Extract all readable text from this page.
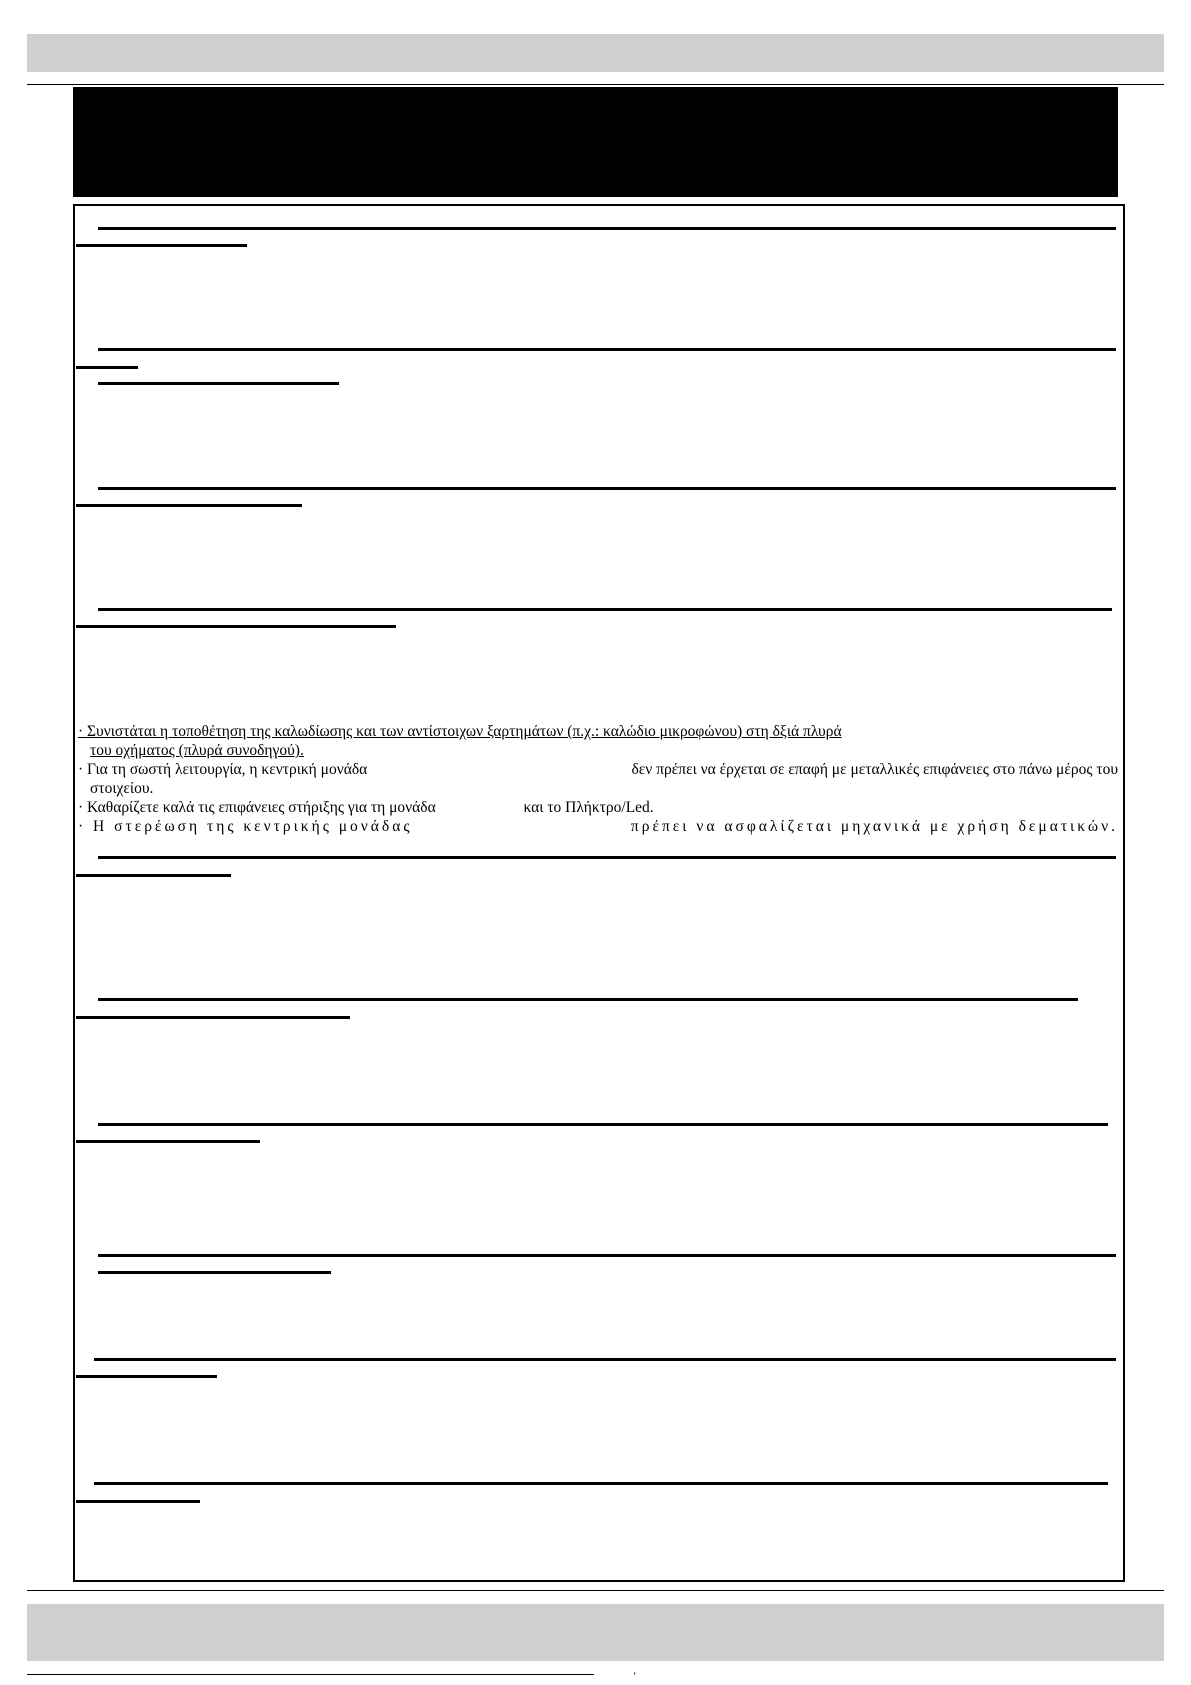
· Συνιστάται η τοποθέτηση της καλωδίωσης και των αντίστοιχων ξαρτημάτων (π.χ.: καλώδιο μικροφώνου) στη δξιά πλυρά
του οχήματος (πλυρά συνοδηγού).
· Για τη σωστή λειτουργία, η κεντρική μονάδα	δεν πρέπει να έρχεται σε επαφή με μεταλλικές επιφάνειες στο πάνω μέρος του
στοιχείου.
· Καθαρίζετε καλά τις επιφάνειες στήριξης για τη μονάδα	και το Πλήκτρο/Led.
· Η στερέωση της κεντρικής μονάδας	πρέπει να ασφαλίζεται μηχανικά με χρήση δεματικών.
‘
